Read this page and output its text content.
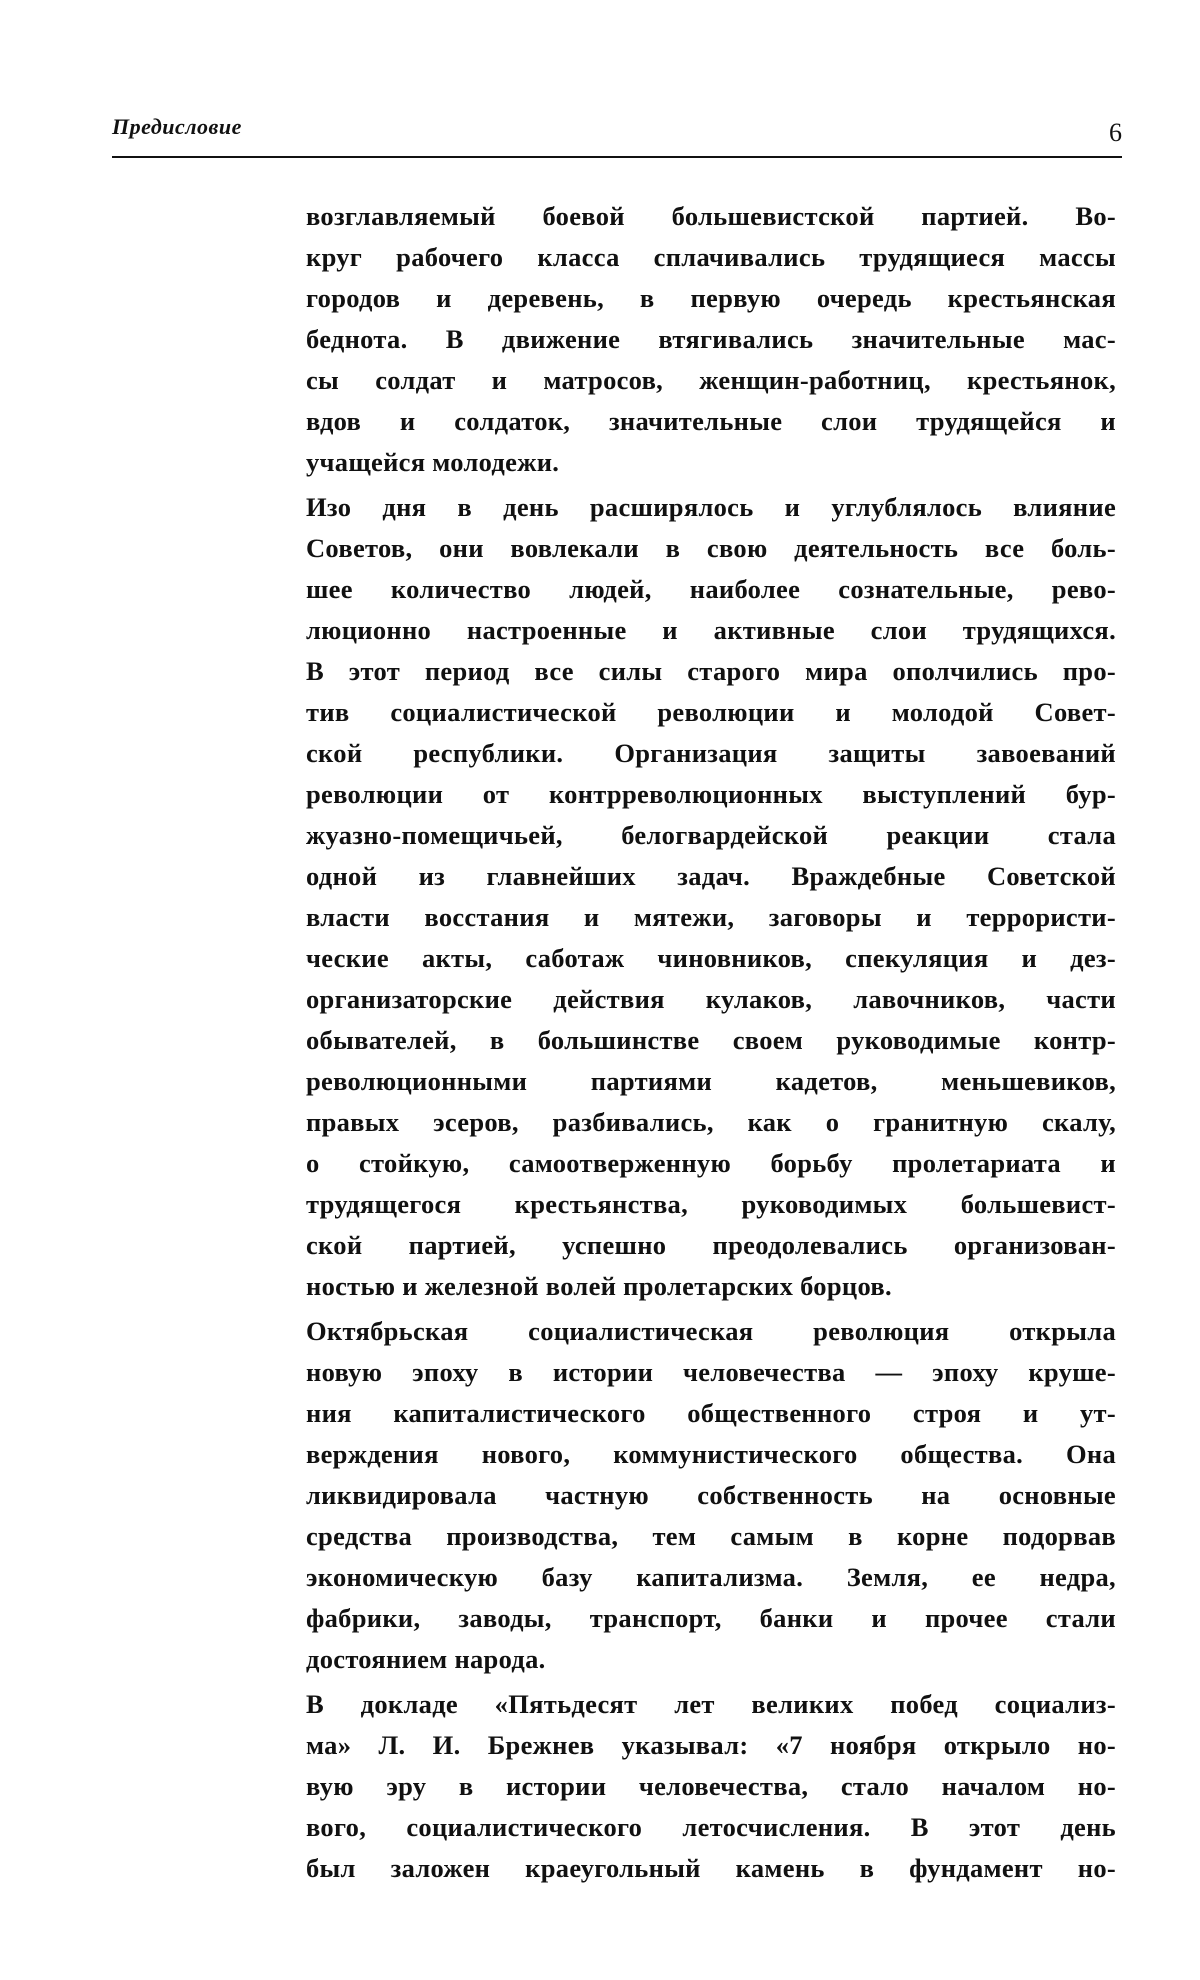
Предисловие	6
возглавляемый боевой большевистской партией. Во-
круг рабочего класса сплачивались трудящиеся массы
городов и деревень, в первую очередь крестьянская
беднота. В движение втягивались значительные мас-
сы солдат и матросов, женщин-работниц, крестьянок,
вдов и солдаток, значительные слои трудящейся и
учащейся молодежи.
Изо дня в день расширялось и углублялось влияние
Советов, они вовлекали в свою деятельность все боль-
шее количество людей, наиболее сознательные, рево-
люционно настроенные и активные слои трудящихся.
В этот период все силы старого мира ополчились про-
тив социалистической революции и молодой Совет-
ской республики. Организация защиты завоеваний
революции от контрреволюционных выступлений бур-
жуазно-помещичьей, белогвардейской реакции стала
одной из главнейших задач. Враждебные Советской
власти восстания и мятежи, заговоры и террористи-
ческие акты, саботаж чиновников, спекуляция и дез-
организаторские действия кулаков, лавочников, части
обывателей, в большинстве своем руководимые контр-
революционными партиями кадетов, меньшевиков,
правых эсеров, разбивались, как о гранитную скалу,
о стойкую, самоотверженную борьбу пролетариата и
трудящегося крестьянства, руководимых большевист-
ской партией, успешно преодолевались организован-
ностью и железной волей пролетарских борцов.
Октябрьская социалистическая революция открыла
новую эпоху в истории человечества — эпоху круше-
ния капиталистического общественного строя и ут-
верждения нового, коммунистического общества. Она
ликвидировала частную собственность на основные
средства производства, тем самым в корне подорвав
экономическую базу капитализма. Земля, ее недра,
фабрики, заводы, транспорт, банки и прочее стали
достоянием народа.
В докладе «Пятьдесят лет великих побед социализ-
ма» Л. И. Брежнев указывал: «7 ноября открыло но-
вую эру в истории человечества, стало началом но-
вого, социалистического летосчисления. В этот день
был заложен краеугольный камень в фундамент но-
